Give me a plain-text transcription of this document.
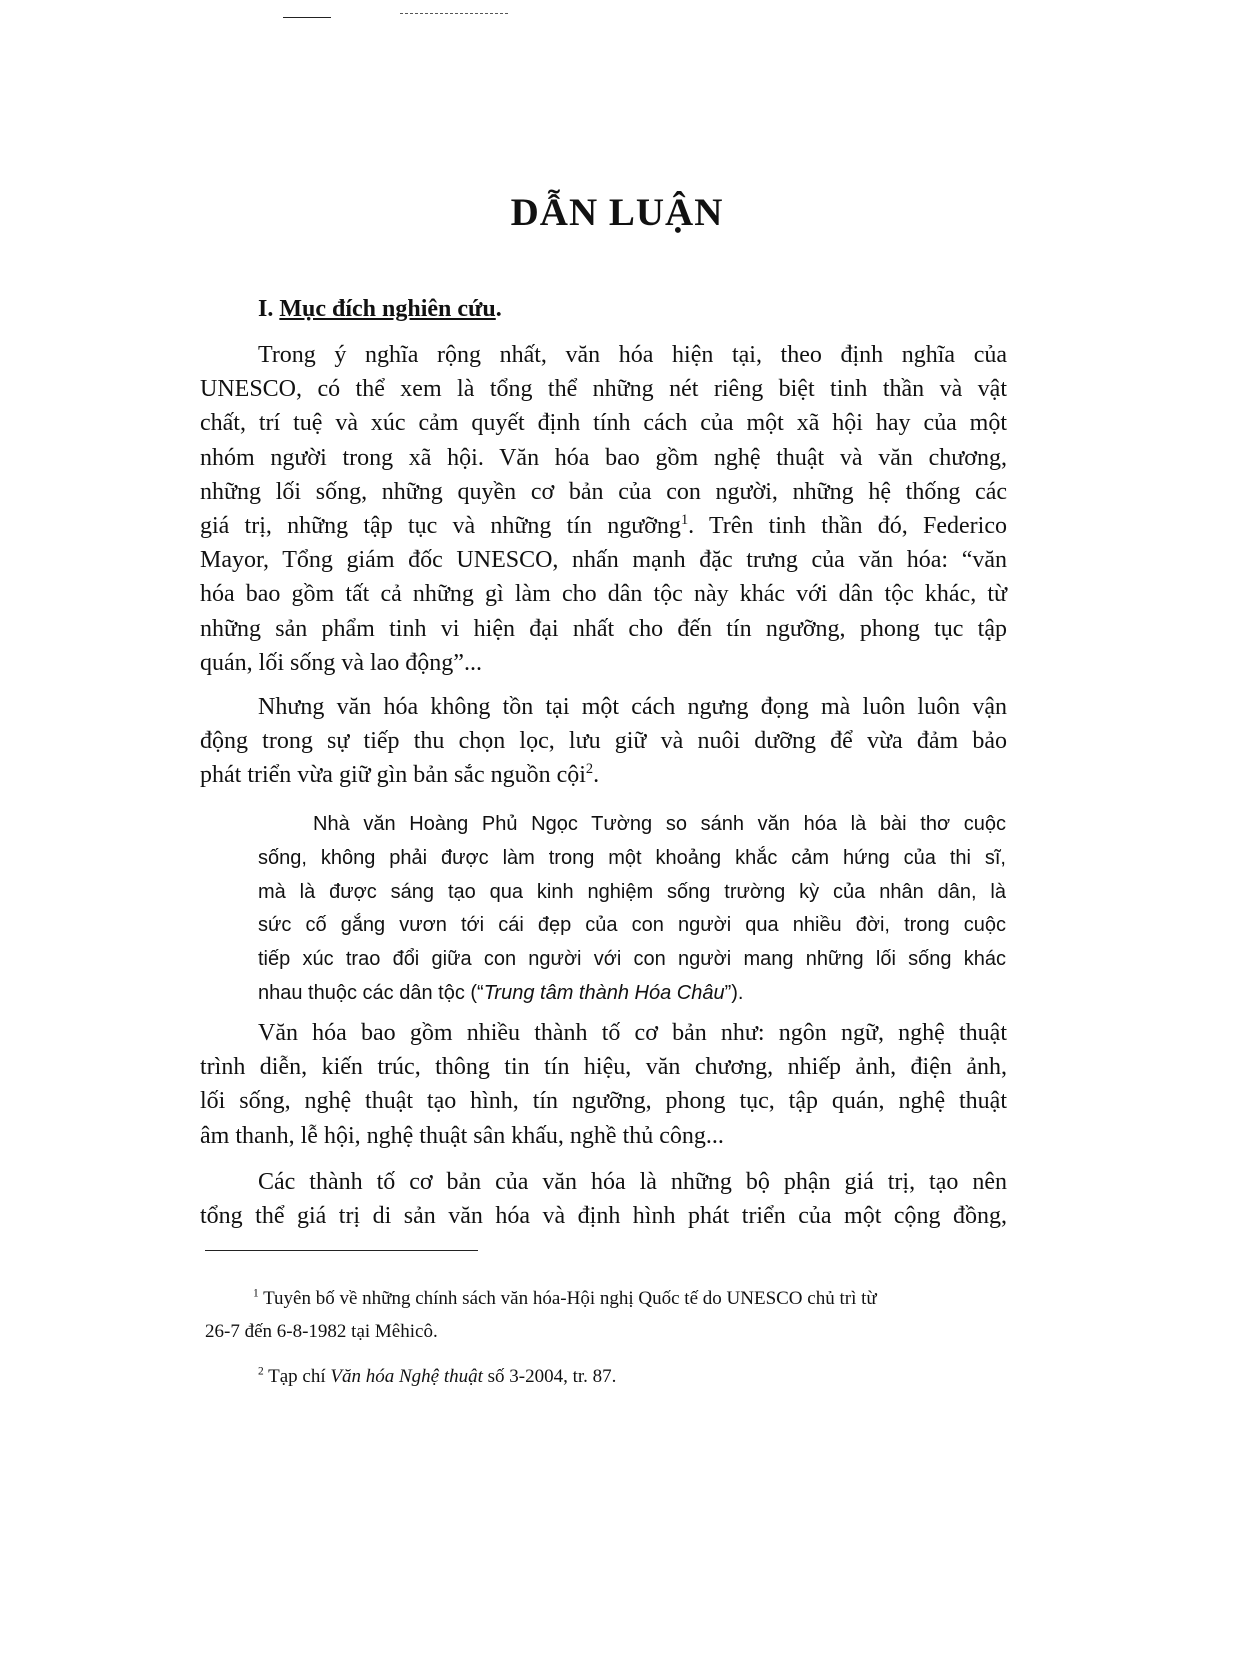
DẪN LUẬN
I. Mục đích nghiên cứu.
Trong ý nghĩa rộng nhất, văn hóa hiện tại, theo định nghĩa của
UNESCO, có thể xem là tổng thể những nét riêng biệt tinh thần và vật
chất, trí tuệ và xúc cảm quyết định tính cách của một xã hội hay của một
nhóm người trong xã hội. Văn hóa bao gồm nghệ thuật và văn chương,
những lối sống, những quyền cơ bản của con người, những hệ thống các
giá trị, những tập tục và những tín ngưỡng$^1$. Trên tinh thần đó, Federico
Mayor, Tổng giám đốc UNESCO, nhấn mạnh đặc trưng của văn hóa: “văn
hóa bao gồm tất cả những gì làm cho dân tộc này khác với dân tộc khác, từ
những sản phẩm tinh vi hiện đại nhất cho đến tín ngưỡng, phong tục tập
quán, lối sống và lao động”...
Nhưng văn hóa không tồn tại một cách ngưng đọng mà luôn luôn vận
động trong sự tiếp thu chọn lọc, lưu giữ và nuôi dưỡng để vừa đảm bảo
phát triển vừa giữ gìn bản sắc nguồn cội$^2$.
Nhà văn Hoàng Phủ Ngọc Tường so sánh văn hóa là bài thơ cuộc
sống, không phải được làm trong một khoảng khắc cảm hứng của thi sĩ,
mà là được sáng tạo qua kinh nghiệm sống trường kỳ của nhân dân, là
sức cố gắng vươn tới cái đẹp của con người qua nhiều đời, trong cuộc
tiếp xúc trao đổi giữa con người với con người mang những lối sống khác
nhau thuộc các dân tộc (“Trung tâm thành Hóa Châu”).
Văn hóa bao gồm nhiều thành tố cơ bản như: ngôn ngữ, nghệ thuật
trình diễn, kiến trúc, thông tin tín hiệu, văn chương, nhiếp ảnh, điện ảnh,
lối sống, nghệ thuật tạo hình, tín ngưỡng, phong tục, tập quán, nghệ thuật
âm thanh, lễ hội, nghệ thuật sân khấu, nghề thủ công...
Các thành tố cơ bản của văn hóa là những bộ phận giá trị, tạo nên
tổng thể giá trị di sản văn hóa và định hình phát triển của một cộng đồng,
$^1$ Tuyên bố về những chính sách văn hóa-Hội nghị Quốc tế do UNESCO chủ trì từ
26-7 đến 6-8-1982 tại Mêhicô.
$^2$ Tạp chí Văn hóa Nghệ thuật số 3-2004, tr. 87.
